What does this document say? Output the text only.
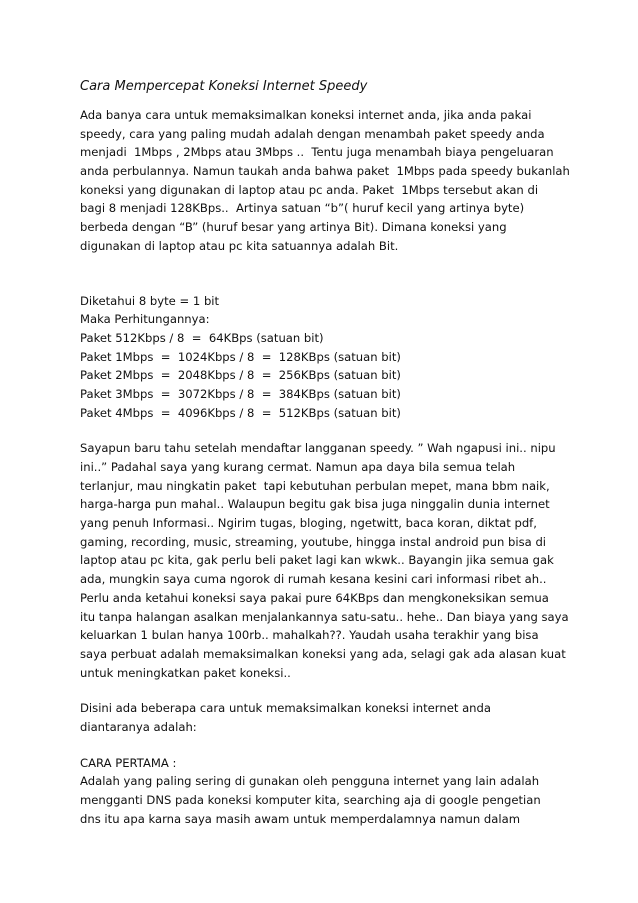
Cara Mempercepat Koneksi Internet Speedy
Ada banya cara untuk memaksimalkan koneksi internet anda, jika anda pakai
speedy, cara yang paling mudah adalah dengan menambah paket speedy anda
menjadi  1Mbps , 2Mbps atau 3Mbps ..  Tentu juga menambah biaya pengeluaran
anda perbulannya. Namun taukah anda bahwa paket  1Mbps pada speedy bukanlah
koneksi yang digunakan di laptop atau pc anda. Paket  1Mbps tersebut akan di
bagi 8 menjadi 128KBps..  Artinya satuan “b”( huruf kecil yang artinya byte)
berbeda dengan “B” (huruf besar yang artinya Bit). Dimana koneksi yang
digunakan di laptop atau pc kita satuannya adalah Bit.
Diketahui 8 byte = 1 bit
Maka Perhitungannya:
Paket 512Kbps / 8  =  64KBps (satuan bit)
Paket 1Mbps  =  1024Kbps / 8  =  128KBps (satuan bit)
Paket 2Mbps  =  2048Kbps / 8  =  256KBps (satuan bit)
Paket 3Mbps  =  3072Kbps / 8  =  384KBps (satuan bit)
Paket 4Mbps  =  4096Kbps / 8  =  512KBps (satuan bit)
Sayapun baru tahu setelah mendaftar langganan speedy. ” Wah ngapusi ini.. nipu
ini..” Padahal saya yang kurang cermat. Namun apa daya bila semua telah
terlanjur, mau ningkatin paket  tapi kebutuhan perbulan mepet, mana bbm naik,
harga-harga pun mahal.. Walaupun begitu gak bisa juga ninggalin dunia internet
yang penuh Informasi.. Ngirim tugas, bloging, ngetwitt, baca koran, diktat pdf,
gaming, recording, music, streaming, youtube, hingga instal android pun bisa di
laptop atau pc kita, gak perlu beli paket lagi kan wkwk.. Bayangin jika semua gak
ada, mungkin saya cuma ngorok di rumah kesana kesini cari informasi ribet ah..
Perlu anda ketahui koneksi saya pakai pure 64KBps dan mengkoneksikan semua
itu tanpa halangan asalkan menjalankannya satu-satu.. hehe.. Dan biaya yang saya
keluarkan 1 bulan hanya 100rb.. mahalkah??. Yaudah usaha terakhir yang bisa
saya perbuat adalah memaksimalkan koneksi yang ada, selagi gak ada alasan kuat
untuk meningkatkan paket koneksi..
Disini ada beberapa cara untuk memaksimalkan koneksi internet anda
diantaranya adalah:
CARA PERTAMA :
Adalah yang paling sering di gunakan oleh pengguna internet yang lain adalah
mengganti DNS pada koneksi komputer kita, searching aja di google pengetian
dns itu apa karna saya masih awam untuk memperdalamnya namun dalam
